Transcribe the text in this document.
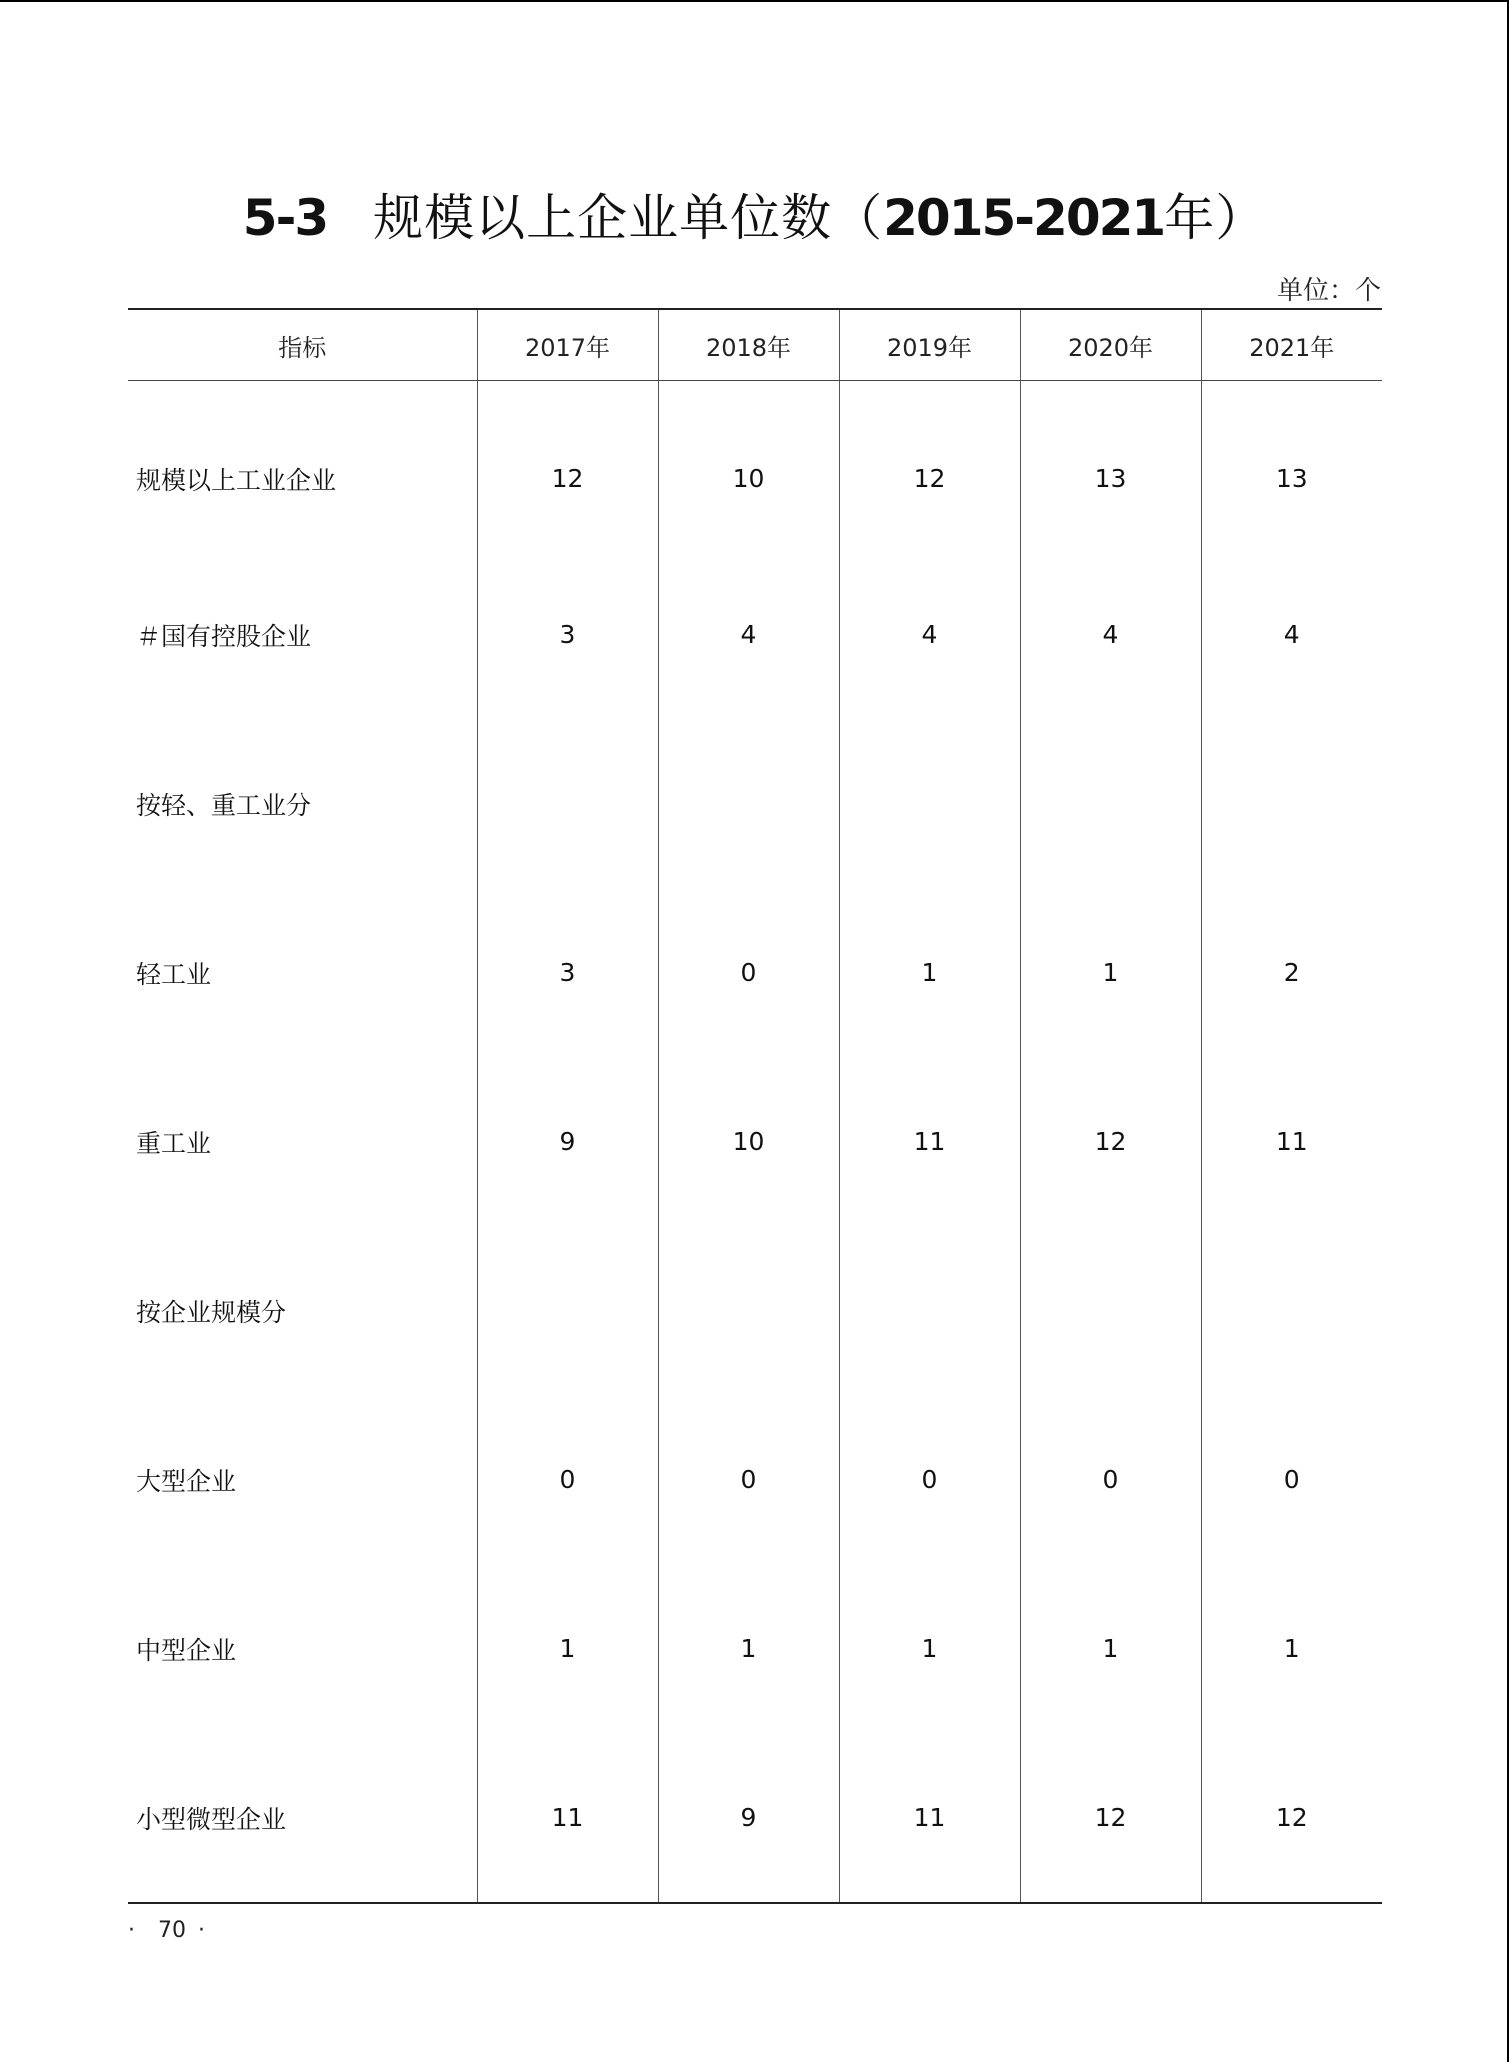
5-3 规模以上企业单位数（2015-2021年）
单位：个
指标	2017年	2018年	2019年	2020年	2021年
规模以上工业企业	12	10	12	13	13
＃国有控股企业	3	4	4	4	4
按轻、重工业分					
轻工业	3	0	1	1	2
重工业	9	10	11	12	11
按企业规模分					
大型企业	0	0	0	0	0
中型企业	1	1	1	1	1
小型微型企业	11	9	11	12	12
· 70 ·
